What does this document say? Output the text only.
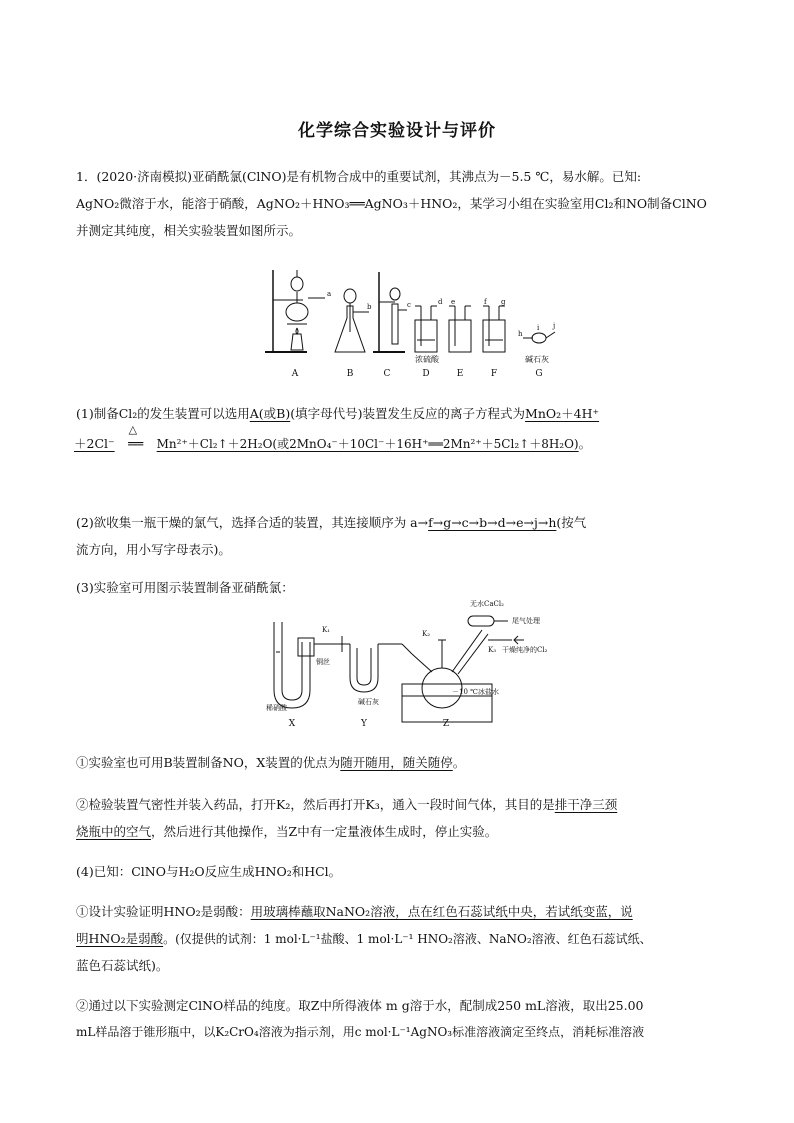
化学综合实验设计与评价
1．(2020·济南模拟)亚硝酰氯(ClNO)是有机物合成中的重要试剂，其沸点为－5.5 ℃，易水解。已知:
AgNO₂微溶于水，能溶于硝酸，AgNO₂＋HNO₃══AgNO₃＋HNO₂，某学习小组在实验室用Cl₂和NO制备ClNO
并测定其纯度，相关实验装置如图所示。
a
b	c	d e	f g
h
i j
浓硫酸	碱石灰
A	B	C	D	E	F	G
(1)制备Cl₂的发生装置可以选用A(或B)(填字母代号)装置发生反应的离子方程式为MnO₂＋4H⁺
＋2Cl⁻
△
══ Mn²⁺＋Cl₂↑＋2H₂O(或2MnO₄⁻＋10Cl⁻＋16H⁺══2Mn²⁺＋5Cl₂↑＋8H₂O)。
(2)欲收集一瓶干燥的氯气，选择合适的装置，其连接顺序为 a→f→g→c→b→d→e→j→h(按气
流方向，用小写字母表示)。
(3)实验室可用图示装置制备亚硝酰氯：
无水CaCl₂
尾气处理
干燥纯净的Cl₂
K₁	K₂
K₃
铜丝
稀硝酸
碱石灰
－10 ℃冰盐水
X	Y	Z
①实验室也可用B装置制备NO，X装置的优点为随开随用，随关随停。
②检验装置气密性并装入药品，打开K₂，然后再打开K₃，通入一段时间气体，其目的是排干净三颈
烧瓶中的空气，然后进行其他操作，当Z中有一定量液体生成时，停止实验。
(4)已知：ClNO与H₂O反应生成HNO₂和HCl。
①设计实验证明HNO₂是弱酸：用玻璃棒蘸取NaNO₂溶液，点在红色石蕊试纸中央，若试纸变蓝，说
明HNO₂是弱酸。(仅提供的试剂：1 mol·L⁻¹盐酸、1 mol·L⁻¹ HNO₂溶液、NaNO₂溶液、红色石蕊试纸、
蓝色石蕊试纸)。
②通过以下实验测定ClNO样品的纯度。取Z中所得液体 m g溶于水，配制成250 mL溶液，取出25.00
mL样品溶于锥形瓶中，以K₂CrO₄溶液为指示剂，用c mol·L⁻¹AgNO₃标准溶液滴定至终点，消耗标准溶液
